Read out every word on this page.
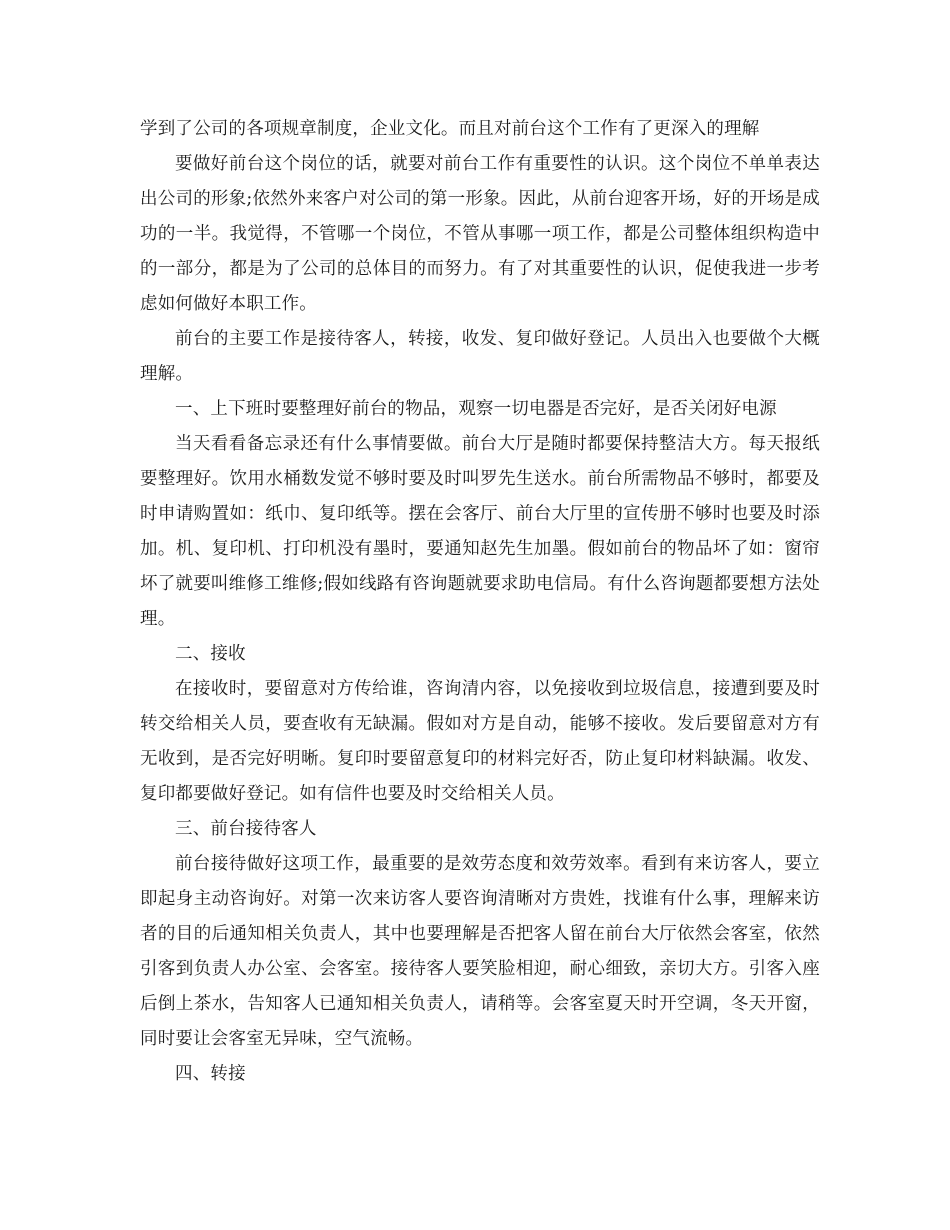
学到了公司的各项规章制度，企业文化。而且对前台这个工作有了更深入的理解

要做好前台这个岗位的话，就要对前台工作有重要性的认识。这个岗位不单单表达出公司的形象;依然外来客户对公司的第一形象。因此，从前台迎客开场，好的开场是成功的一半。我觉得，不管哪一个岗位，不管从事哪一项工作，都是公司整体组织构造中的一部分，都是为了公司的总体目的而努力。有了对其重要性的认识，促使我进一步考虑如何做好本职工作。

前台的主要工作是接待客人，转接，收发、复印做好登记。人员出入也要做个大概理解。

一、上下班时要整理好前台的物品，观察一切电器是否完好，是否关闭好电源

当天看看备忘录还有什么事情要做。前台大厅是随时都要保持整洁大方。每天报纸要整理好。饮用水桶数发觉不够时要及时叫罗先生送水。前台所需物品不够时，都要及时申请购置如：纸巾、复印纸等。摆在会客厅、前台大厅里的宣传册不够时也要及时添加。机、复印机、打印机没有墨时，要通知赵先生加墨。假如前台的物品坏了如：窗帘坏了就要叫维修工维修;假如线路有咨询题就要求助电信局。有什么咨询题都要想方法处理。

二、接收

在接收时，要留意对方传给谁，咨询清内容，以免接收到垃圾信息，接遭到要及时转交给相关人员，要查收有无缺漏。假如对方是自动，能够不接收。发后要留意对方有无收到，是否完好明晰。复印时要留意复印的材料完好否，防止复印材料缺漏。收发、复印都要做好登记。如有信件也要及时交给相关人员。

三、前台接待客人

前台接待做好这项工作，最重要的是效劳态度和效劳效率。看到有来访客人，要立即起身主动咨询好。对第一次来访客人要咨询清晰对方贵姓，找谁有什么事，理解来访者的目的后通知相关负责人，其中也要理解是否把客人留在前台大厅依然会客室，依然引客到负责人办公室、会客室。接待客人要笑脸相迎，耐心细致，亲切大方。引客入座后倒上茶水，告知客人已通知相关负责人，请稍等。会客室夏天时开空调，冬天开窗，同时要让会客室无异味，空气流畅。

四、转接
